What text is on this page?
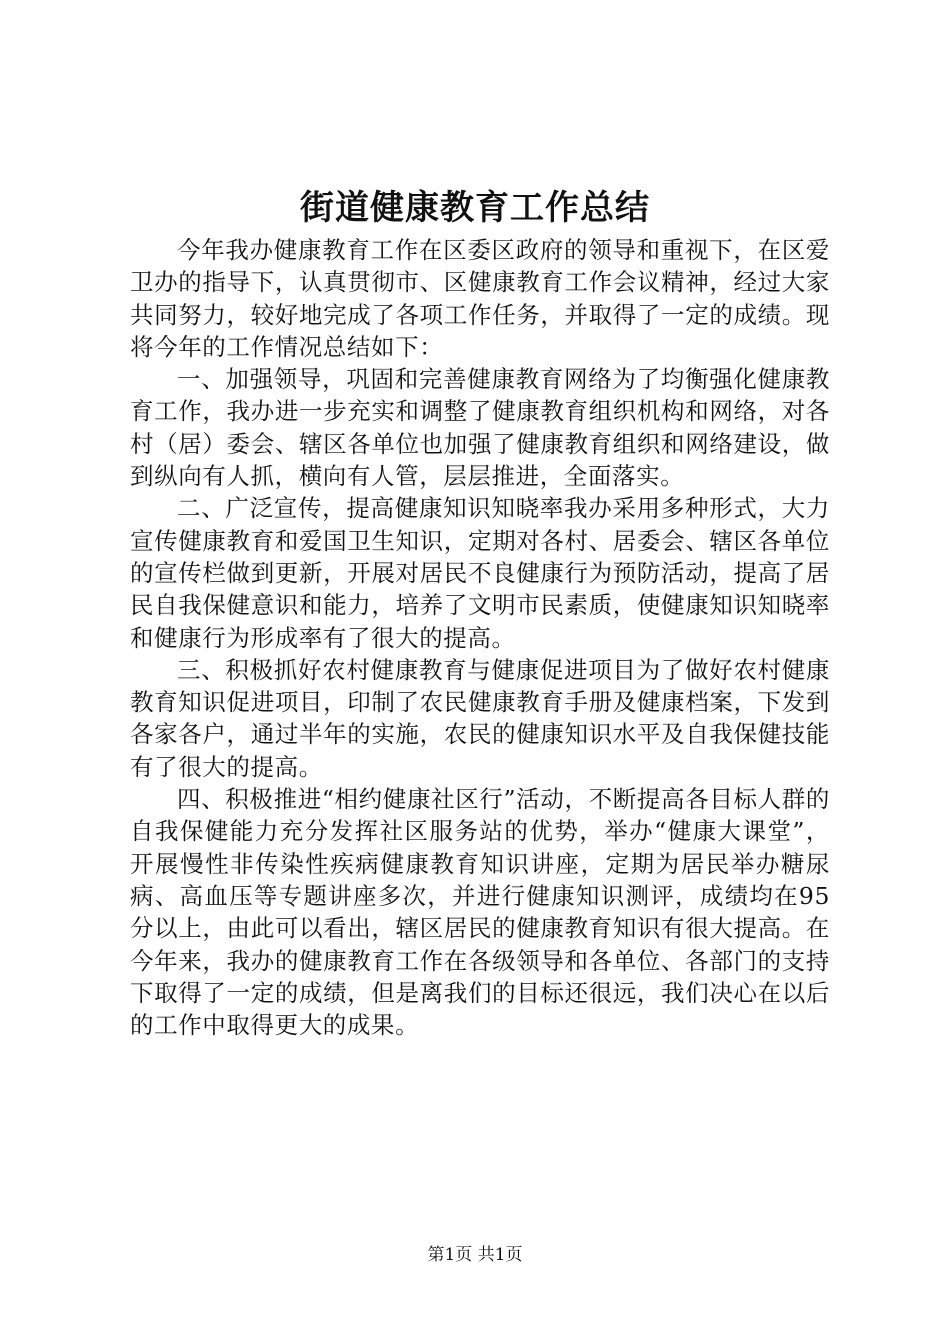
街道健康教育工作总结

今年我办健康教育工作在区委区政府的领导和重视下，在区爱卫办的指导下，认真贯彻市、区健康教育工作会议精神，经过大家共同努力，较好地完成了各项工作任务，并取得了一定的成绩。现将今年的工作情况总结如下：

一、加强领导，巩固和完善健康教育网络为了均衡强化健康教育工作，我办进一步充实和调整了健康教育组织机构和网络，对各村（居）委会、辖区各单位也加强了健康教育组织和网络建设，做到纵向有人抓，横向有人管，层层推进，全面落实。

二、广泛宣传，提高健康知识知晓率我办采用多种形式，大力宣传健康教育和爱国卫生知识，定期对各村、居委会、辖区各单位的宣传栏做到更新，开展对居民不良健康行为预防活动，提高了居民自我保健意识和能力，培养了文明市民素质，使健康知识知晓率和健康行为形成率有了很大的提高。

三、积极抓好农村健康教育与健康促进项目为了做好农村健康教育知识促进项目，印制了农民健康教育手册及健康档案，下发到各家各户，通过半年的实施，农民的健康知识水平及自我保健技能有了很大的提高。

四、积极推进“相约健康社区行”活动，不断提高各目标人群的自我保健能力充分发挥社区服务站的优势，举办“健康大课堂”，开展慢性非传染性疾病健康教育知识讲座，定期为居民举办糖尿病、高血压等专题讲座多次，并进行健康知识测评，成绩均在95分以上，由此可以看出，辖区居民的健康教育知识有很大提高。在今年来，我办的健康教育工作在各级领导和各单位、各部门的支持下取得了一定的成绩，但是离我们的目标还很远，我们决心在以后的工作中取得更大的成果。

第1页 共1页
